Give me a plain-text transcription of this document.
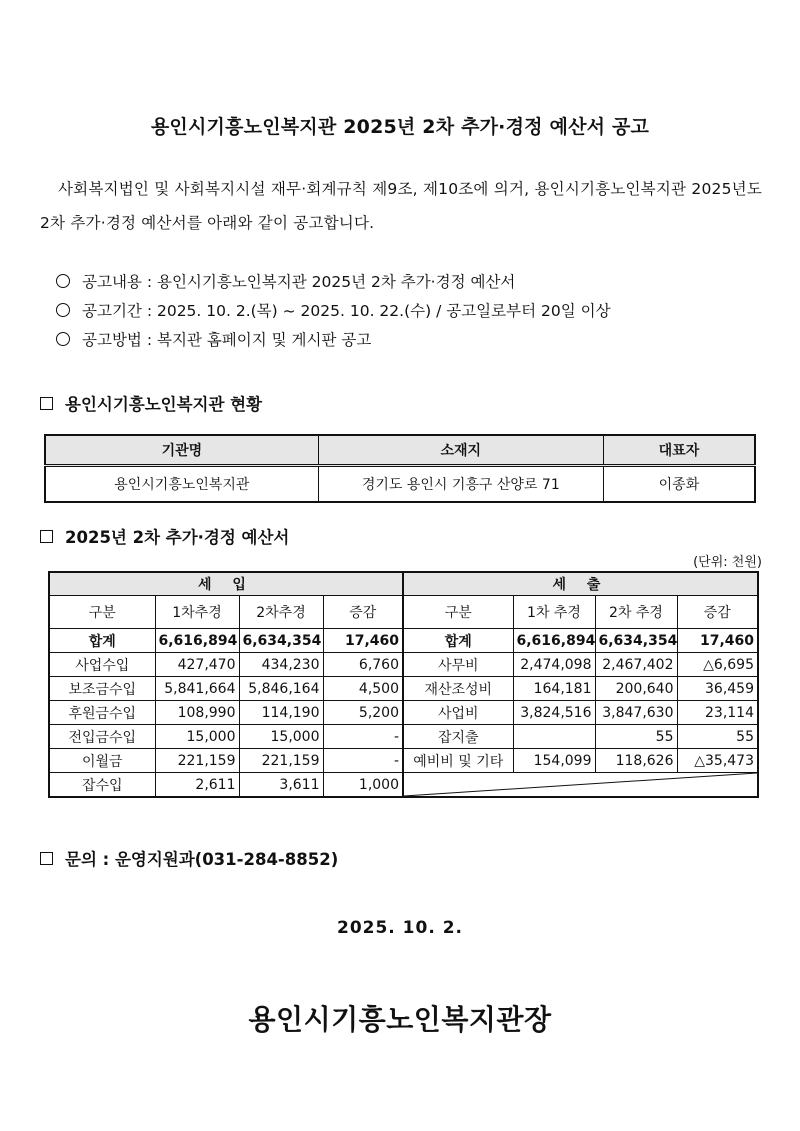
용인시기흥노인복지관 2025년 2차 추가·경정 예산서 공고
사회복지법인 및 사회복지시설 재무·회계규칙 제9조, 제10조에 의거, 용인시기흥노인복지관 2025년도 2차 추가·경정 예산서를 아래와 같이 공고합니다.
공고내용 : 용인시기흥노인복지관 2025년 2차 추가·경정 예산서
공고기간 : 2025. 10. 2.(목) ~ 2025. 10. 22.(수) / 공고일로부터 20일 이상
공고방법 : 복지관 홈페이지 및 게시판 공고
용인시기흥노인복지관 현황
기관명	소재지	대표자
용인시기흥노인복지관	경기도 용인시 기흥구 산양로 71	이종화
2025년 2차 추가·경정 예산서
(단위: 천원)
세 입				세 출			
구분	1차추경	2차추경	증감	구분	1차 추경	2차 추경	증감
합계	6,616,894	6,634,354	17,460	합계	6,616,894	6,634,354	17,460
사업수입	427,470	434,230	6,760	사무비	2,474,098	2,467,402	△6,695
보조금수입	5,841,664	5,846,164	4,500	재산조성비	164,181	200,640	36,459
후원금수입	108,990	114,190	5,200	사업비	3,824,516	3,847,630	23,114
전입금수입	15,000	15,000	-	잡지출		55	55
이월금	221,159	221,159	-	예비비 및 기타	154,099	118,626	△35,473
잡수입	2,611	3,611	1,000	
문의 : 운영지원과(031-284-8852)
2025. 10. 2.
용인시기흥노인복지관장
